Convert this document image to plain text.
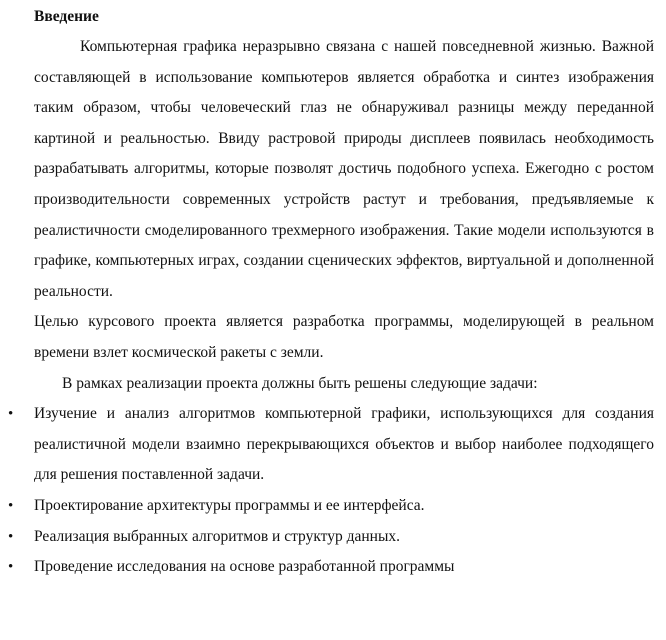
Введение

Компьютерная графика неразрывно связана с нашей повседневной жизнью. Важной составляющей в использование компьютеров является обработка и синтез изображения таким образом, чтобы человеческий глаз не обнаруживал разницы между переданной картиной и реальностью. Ввиду растровой природы дисплеев появилась необходимость разрабатывать алгоритмы, которые позволят достичь подобного успеха. Ежегодно с ростом производительности современных устройств растут и требования, предъявляемые к реалистичности смоделированного трехмерного изображения. Такие модели используются в графике, компьютерных играх, создании сценических эффектов, виртуальной и дополненной реальности.

Целью курсового проекта является разработка программы, моделирующей в реальном времени взлет космической ракеты с земли.

В рамках реализации проекта должны быть решены следующие задачи:

• Изучение и анализ алгоритмов компьютерной графики, использующихся для создания реалистичной модели взаимно перекрывающихся объектов и выбор наиболее подходящего для решения поставленной задачи.
• Проектирование архитектуры программы и ее интерфейса.
• Реализация выбранных алгоритмов и структур данных.
• Проведение исследования на основе разработанной программы
